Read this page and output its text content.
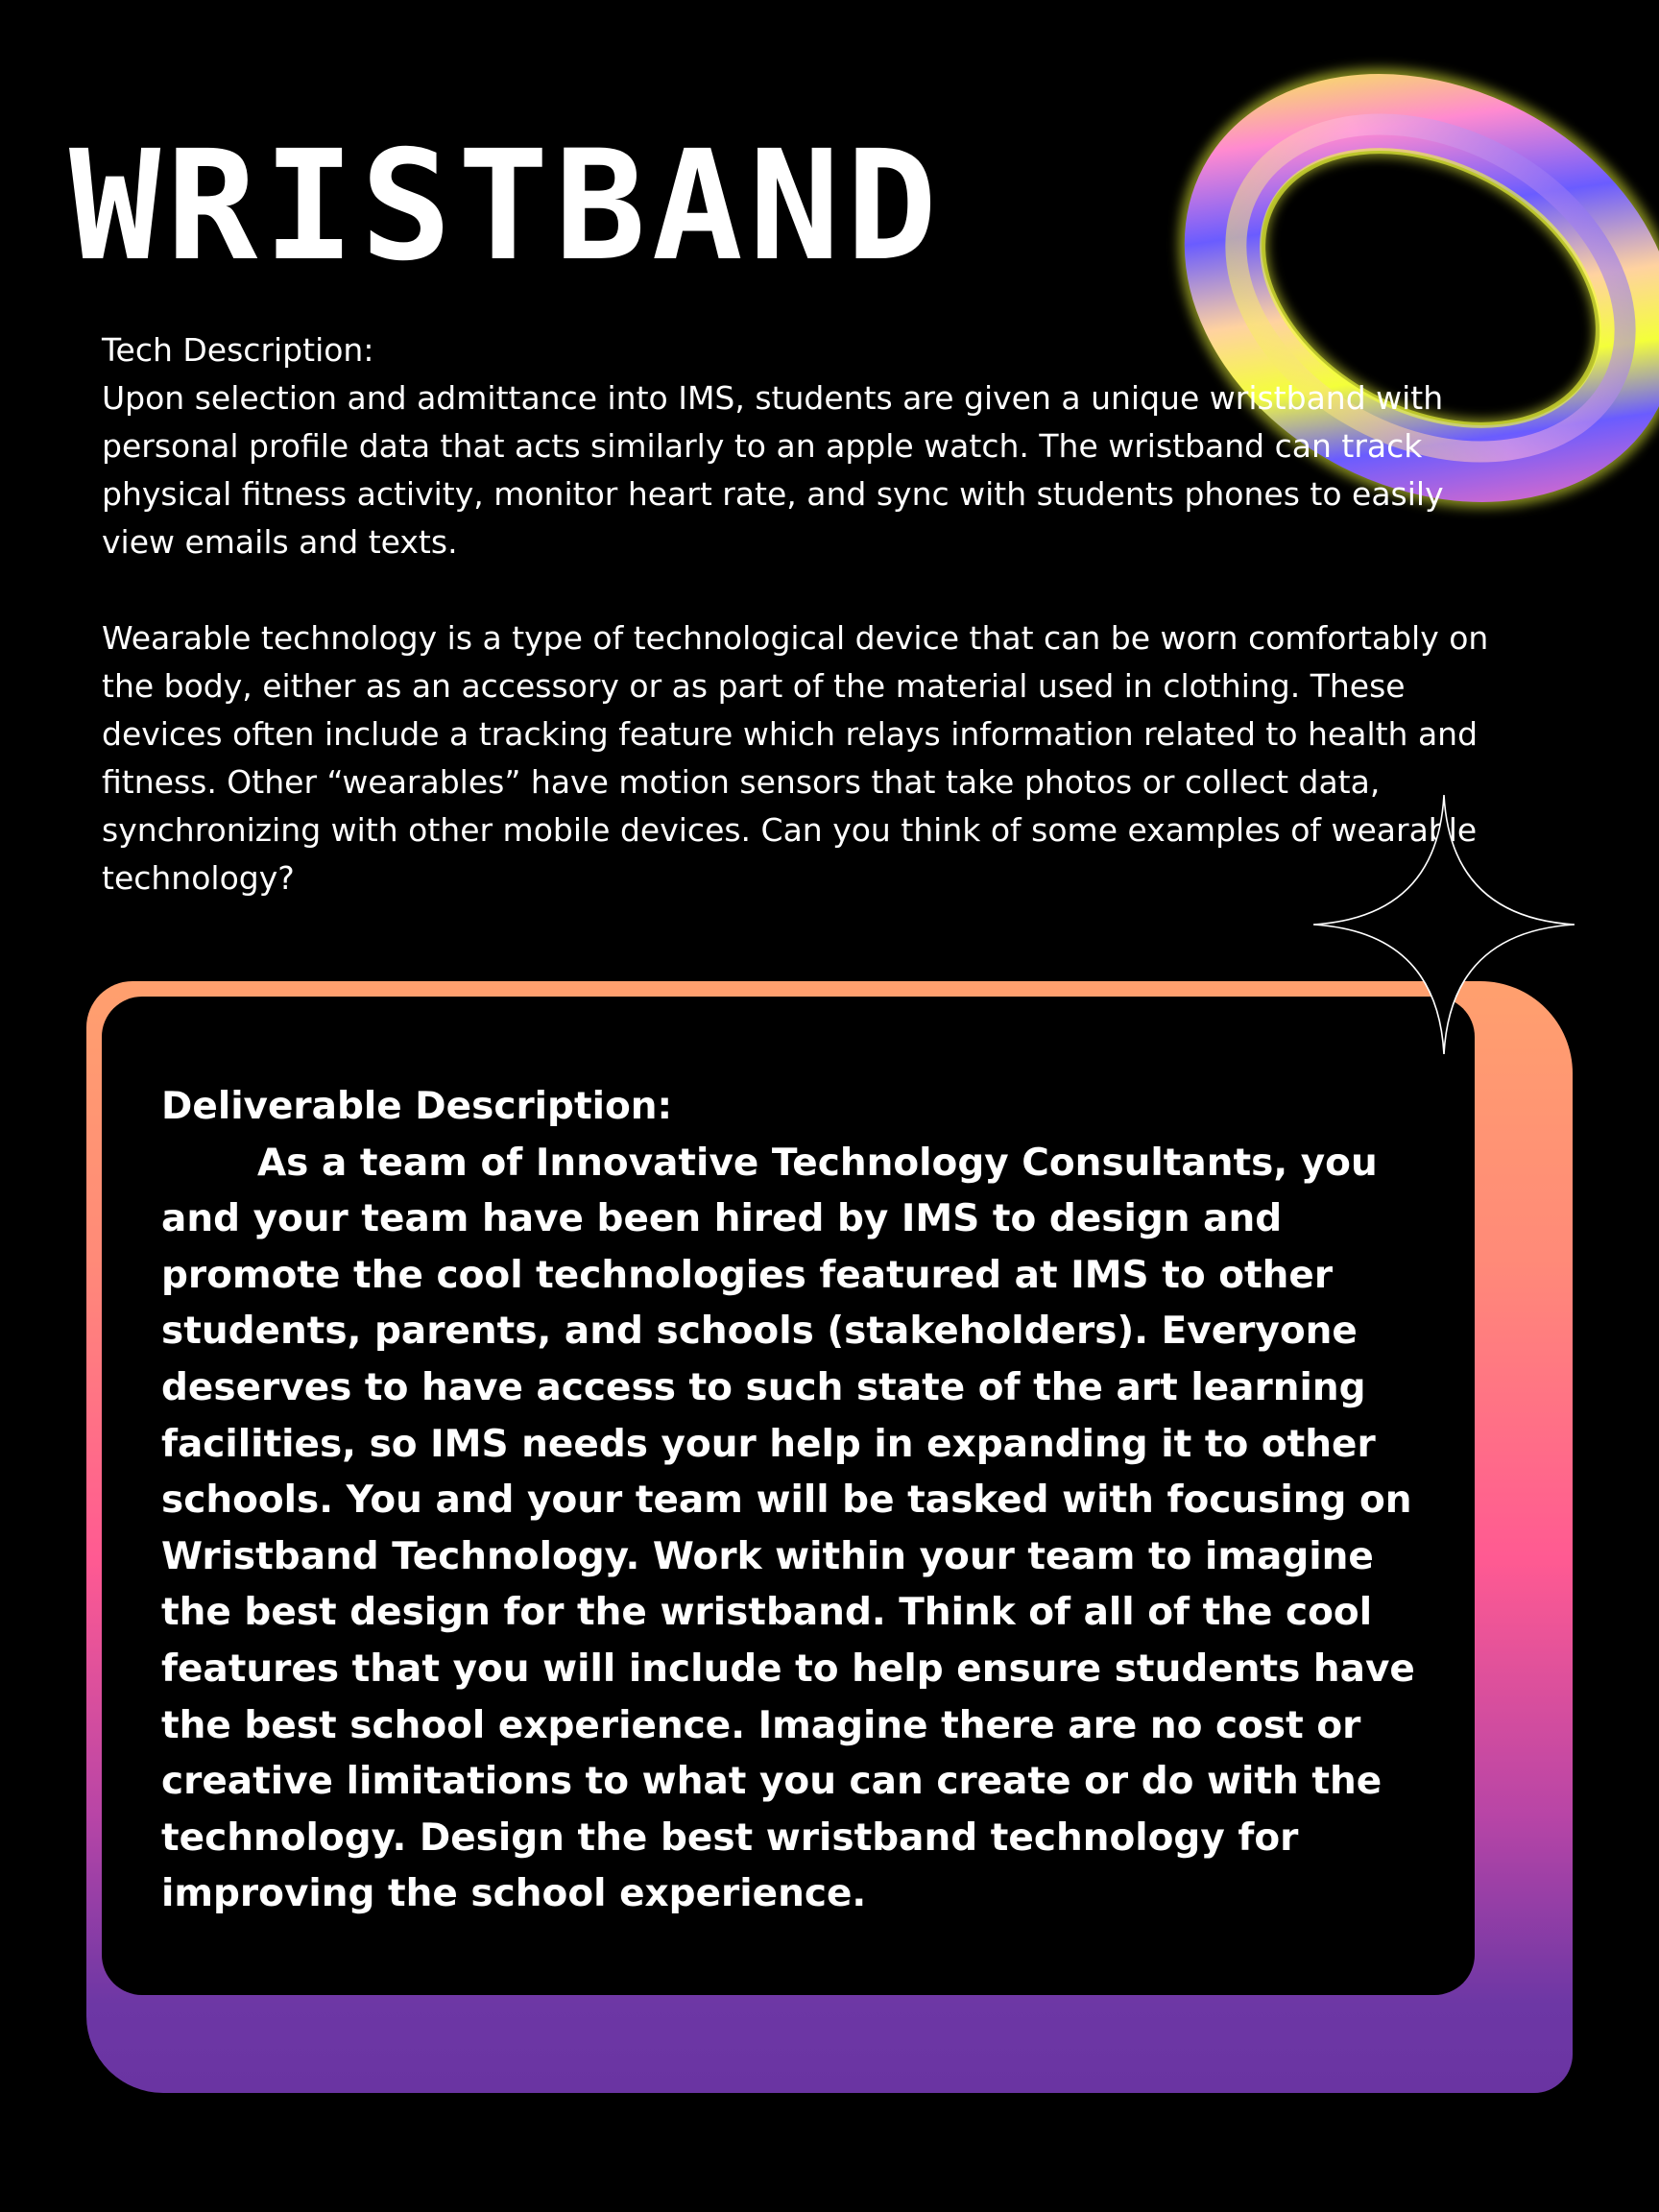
WRISTBAND

Tech Description:

Upon selection and admittance into IMS, students are given a unique wristband with personal profile data that acts similarly to an apple watch. The wristband can track physical fitness activity, monitor heart rate, and sync with students phones to easily view emails and texts.

Wearable technology is a type of technological device that can be worn comfortably on the body, either as an accessory or as part of the material used in clothing. These devices often include a tracking feature which relays information related to health and fitness. Other “wearables” have motion sensors that take photos or collect data, synchronizing with other mobile devices. Can you think of some examples of wearable technology?

Deliverable Description:

As a team of Innovative Technology Consultants, you and your team have been hired by IMS to design and promote the cool technologies featured at IMS to other students, parents, and schools (stakeholders). Everyone deserves to have access to such state of the art learning facilities, so IMS needs your help in expanding it to other schools. You and your team will be tasked with focusing on Wristband Technology. Work within your team to imagine the best design for the wristband. Think of all of the cool features that you will include to help ensure students have the best school experience. Imagine there are no cost or creative limitations to what you can create or do with the technology. Design the best wristband technology for improving the school experience.
